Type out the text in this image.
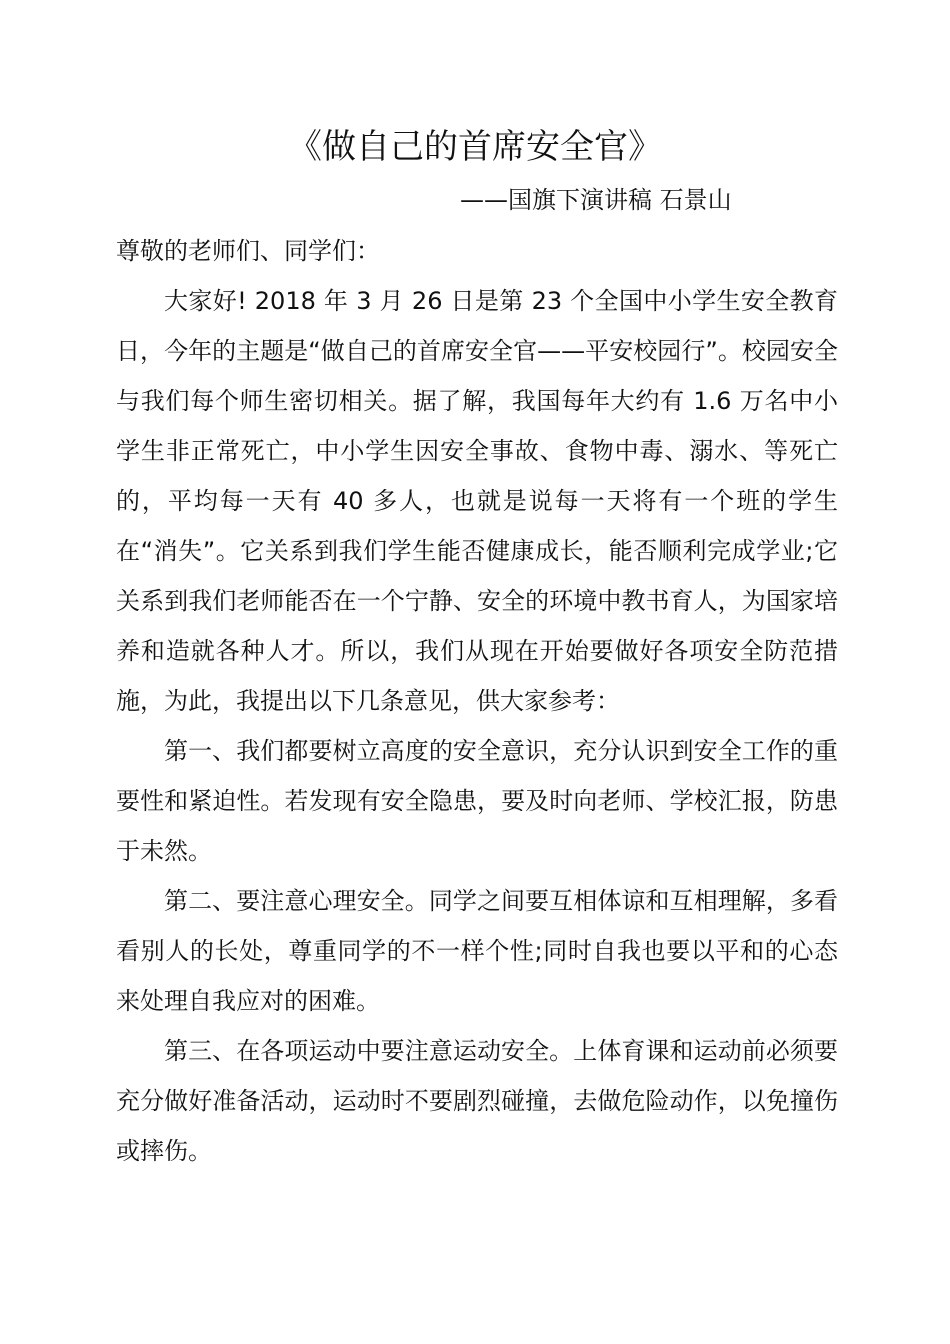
《做自己的首席安全官》
——国旗下演讲稿 石景山

尊敬的老师们、同学们：

大家好! 2018 年 3 月 26 日是第 23 个全国中小学生安全教育日，今年的主题是“做自己的首席安全官——平安校园行”。校园安全与我们每个师生密切相关。据了解，我国每年大约有 1.6 万名中小学生非正常死亡，中小学生因安全事故、食物中毒、溺水、等死亡的，平均每一天有 40 多人，也就是说每一天将有一个班的学生在“消失”。它关系到我们学生能否健康成长，能否顺利完成学业;它关系到我们老师能否在一个宁静、安全的环境中教书育人，为国家培养和造就各种人才。所以，我们从现在开始要做好各项安全防范措施，为此，我提出以下几条意见，供大家参考：

第一、我们都要树立高度的安全意识，充分认识到安全工作的重要性和紧迫性。若发现有安全隐患，要及时向老师、学校汇报，防患于未然。

第二、要注意心理安全。同学之间要互相体谅和互相理解，多看看别人的长处，尊重同学的不一样个性;同时自我也要以平和的心态来处理自我应对的困难。

第三、在各项运动中要注意运动安全。上体育课和运动前必须要充分做好准备活动，运动时不要剧烈碰撞，去做危险动作，以免撞伤或摔伤。
